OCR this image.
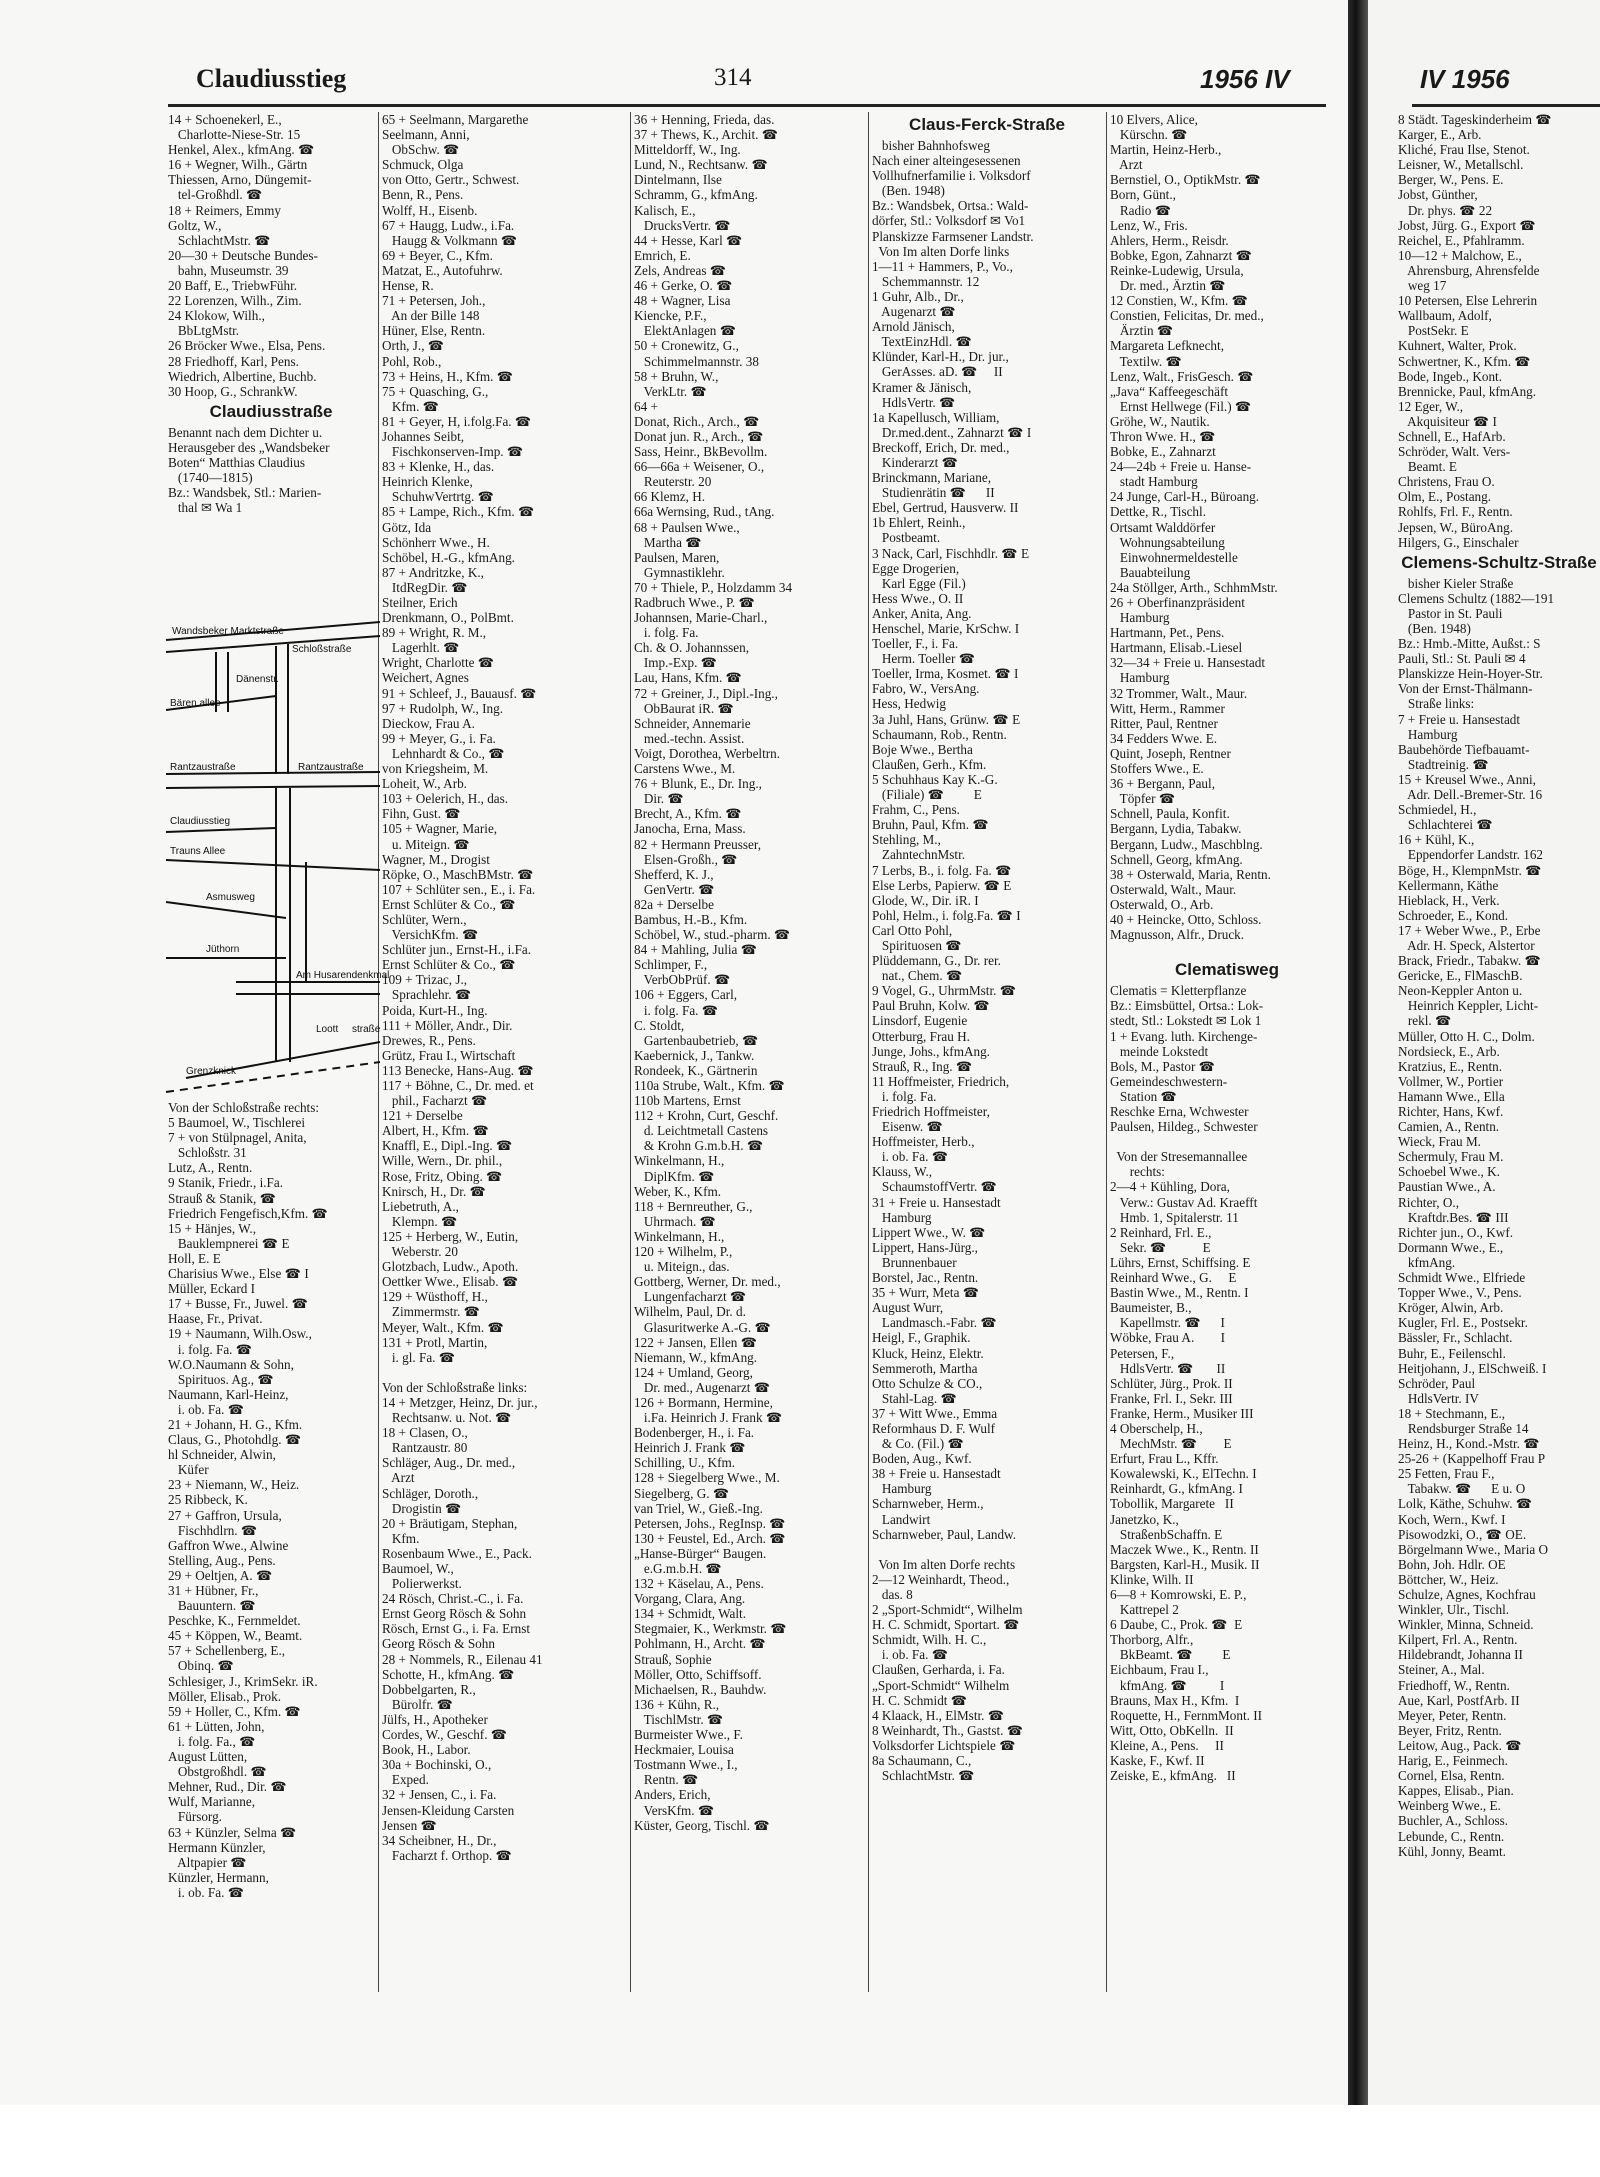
Claudiusstieg	314	1956 IV	IV 1956
14 + Schoenekerl, E.,
Charlotte-Niese-Str. 15
Henkel, Alex., kfmAng. ☎
16 + Wegner, Wilh., Gärtn
Thiessen, Arno, Düngemit-
tel-Großhdl. ☎
18 + Reimers, Emmy
Goltz, W.,
SchlachtMstr. ☎
20—30 + Deutsche Bundes-
bahn, Museumstr. 39
20 Baff, E., TriebwFühr.
22 Lorenzen, Wilh., Zim.
24 Klokow, Wilh.,
BbLtgMstr.
26 Bröcker Wwe., Elsa, Pens.
28 Friedhoff, Karl, Pens.
Wiedrich, Albertine, Buchb.
30 Hoop, G., SchrankW.
Claudiusstraße
Benannt nach dem Dichter u.
Herausgeber des „Wandsbeker
Boten“ Matthias Claudius
(1740—1815)
Bz.: Wandsbek, Stl.: Marien-
thal ✉ Wa 1
Wandsbeker Marktstraße
Schloßstraße
Bären allee
Rantzaustraße	Rantzaustraße
Claudiusstieg
Trauns Allee
Asmusweg
Jüthorn
Am Husarendenkmal
Loott straße
Grenzknick
Dänenstr.
Von der Schloßstraße rechts:
5 Baumoel, W., Tischlerei
7 + von Stülpnagel, Anita,
Schloßstr. 31
Lutz, A., Rentn.
9 Stanik, Friedr., i.Fa.
Strauß & Stanik, ☎
Friedrich Fengefisch,Kfm. ☎
15 + Hänjes, W.,
Bauklempnerei ☎ E
Holl, E. E
Charisius Wwe., Else ☎ I
Müller, Eckard I
17 + Busse, Fr., Juwel. ☎
Haase, Fr., Privat.
19 + Naumann, Wilh.Osw.,
i. folg. Fa. ☎
W.O.Naumann & Sohn,
Spirituos. Ag., ☎
Naumann, Karl-Heinz,
i. ob. Fa. ☎
21 + Johann, H. G., Kfm.
Claus, G., Photohdlg. ☎
hl Schneider, Alwin,
Küfer
23 + Niemann, W., Heiz.
25 Ribbeck, K.
27 + Gaffron, Ursula,
Fischhdlrn. ☎
Gaffron Wwe., Alwine
Stelling, Aug., Pens.
29 + Oeltjen, A. ☎
31 + Hübner, Fr.,
Bauuntern. ☎
Peschke, K., Fernmeldet.
45 + Köppen, W., Beamt.
57 + Schellenberg, E.,
Obinq. ☎
Schlesiger, J., KrimSekr. iR.
Möller, Elisab., Prok.
59 + Holler, C., Kfm. ☎
61 + Lütten, John,
i. folg. Fa., ☎
August Lütten,
Obstgroßhdl. ☎
Mehner, Rud., Dir. ☎
Wulf, Marianne,
Fürsorg.
63 + Künzler, Selma ☎
Hermann Künzler,
Altpapier ☎
Künzler, Hermann,
i. ob. Fa. ☎
65 + Seelmann, Margarethe
Seelmann, Anni,
ObSchw. ☎
Schmuck, Olga
von Otto, Gertr., Schwest.
Benn, R., Pens.
Wolff, H., Eisenb.
67 + Haugg, Ludw., i.Fa.
Haugg & Volkmann ☎
69 + Beyer, C., Kfm.
Matzat, E., Autofuhrw.
Hense, R.
71 + Petersen, Joh.,
An der Bille 148
Hüner, Else, Rentn.
Orth, J., ☎
Pohl, Rob.,
73 + Heins, H., Kfm. ☎
75 + Quasching, G.,
Kfm. ☎
81 + Geyer, H, i.folg.Fa. ☎
Johannes Seibt,
Fischkonserven-Imp. ☎
83 + Klenke, H., das.
Heinrich Klenke,
SchuhwVertrtg. ☎
85 + Lampe, Rich., Kfm. ☎
Götz, Ida
Schönherr Wwe., H.
Schöbel, H.-G., kfmAng.
87 + Andritzke, K.,
ItdRegDir. ☎
Steilner, Erich
Drenkmann, O., PolBmt.
89 + Wright, R. M.,
Lagerhlt. ☎
Wright, Charlotte ☎
Weichert, Agnes
91 + Schleef, J., Bauausf. ☎
97 + Rudolph, W., Ing.
Dieckow, Frau A.
99 + Meyer, G., i. Fa.
Lehnhardt & Co., ☎
von Kriegsheim, M.
Loheit, W., Arb.
103 + Oelerich, H., das.
Fihn, Gust. ☎
105 + Wagner, Marie,
u. Miteign. ☎
Wagner, M., Drogist
Röpke, O., MaschBMstr. ☎
107 + Schlüter sen., E., i. Fa.
Ernst Schlüter & Co., ☎
Schlüter, Wern.,
VersichKfm. ☎
Schlüter jun., Ernst-H., i.Fa.
Ernst Schlüter & Co., ☎
109 + Trizac, J.,
Sprachlehr. ☎
Poida, Kurt-H., Ing.
111 + Möller, Andr., Dir.
Drewes, R., Pens.
Grütz, Frau I., Wirtschaft
113 Benecke, Hans-Aug. ☎
117 + Böhne, C., Dr. med. et
phil., Facharzt ☎
121 + Derselbe
Albert, H., Kfm. ☎
Knaffl, E., Dipl.-Ing. ☎
Wille, Wern., Dr. phil.,
Rose, Fritz, Obing. ☎
Knirsch, H., Dr. ☎
Liebetruth, A.,
Klempn. ☎
125 + Herberg, W., Eutin,
Weberstr. 20
Glotzbach, Ludw., Apoth.
Oettker Wwe., Elisab. ☎
129 + Wüsthoff, H.,
Zimmermstr. ☎
Meyer, Walt., Kfm. ☎
131 + Protl, Martin,
i. gl. Fa. ☎
Von der Schloßstraße links:
14 + Metzger, Heinz, Dr. jur.,
Rechtsanw. u. Not. ☎
18 + Clasen, O.,
Rantzaustr. 80
Schläger, Aug., Dr. med.,
Arzt
Schläger, Doroth.,
Drogistin ☎
20 + Bräutigam, Stephan,
Kfm.
Rosenbaum Wwe., E., Pack.
Baumoel, W.,
Polierwerkst.
24 Rösch, Christ.-C., i. Fa.
Ernst Georg Rösch & Sohn
Rösch, Ernst G., i. Fa. Ernst
Georg Rösch & Sohn
28 + Nommels, R., Eilenau 41
Schotte, H., kfmAng. ☎
Dobbelgarten, R.,
Bürolfr. ☎
Jülfs, H., Apotheker
Cordes, W., Geschf. ☎
Book, H., Labor.
30a + Bochinski, O.,
Exped.
32 + Jensen, C., i. Fa.
Jensen-Kleidung Carsten
Jensen ☎
34 Scheibner, H., Dr.,
Facharzt f. Orthop. ☎
36 + Henning, Frieda, das.
37 + Thews, K., Archit. ☎
Mitteldorff, W., Ing.
Lund, N., Rechtsanw. ☎
Dintelmann, Ilse
Schramm, G., kfmAng.
Kalisch, E.,
DrucksVertr. ☎
44 + Hesse, Karl ☎
Emrich, E.
Zels, Andreas ☎
46 + Gerke, O. ☎
48 + Wagner, Lisa
Kiencke, P.F.,
ElektAnlagen ☎
50 + Cronewitz, G.,
Schimmelmannstr. 38
58 + Bruhn, W.,
VerkLtr. ☎
64 +
Donat, Rich., Arch., ☎
Donat jun. R., Arch., ☎
Sass, Heinr., BkBevollm.
66—66a + Weisener, O.,
Reuterstr. 20
66 Klemz, H.
66a Wernsing, Rud., tAng.
68 + Paulsen Wwe.,
Martha ☎
Paulsen, Maren,
Gymnastiklehr.
70 + Thiele, P., Holzdamm 34
Radbruch Wwe., P. ☎
Johannsen, Marie-Charl.,
i. folg. Fa.
Ch. & O. Johannssen,
Imp.-Exp. ☎
Lau, Hans, Kfm. ☎
72 + Greiner, J., Dipl.-Ing.,
ObBaurat iR. ☎
Schneider, Annemarie
med.-techn. Assist.
Voigt, Dorothea, Werbeltrn.
Carstens Wwe., M.
76 + Blunk, E., Dr. Ing.,
Dir. ☎
Brecht, A., Kfm. ☎
Janocha, Erna, Mass.
82 + Hermann Preusser,
Elsen-Großh., ☎
Shefferd, K. J.,
GenVertr. ☎
82a + Derselbe
Bambus, H.-B., Kfm.
Schöbel, W., stud.-pharm. ☎
84 + Mahling, Julia ☎
Schlimper, F.,
VerbObPrüf. ☎
106 + Eggers, Carl,
i. folg. Fa. ☎
C. Stoldt,
Gartenbaubetrieb, ☎
Kaebernick, J., Tankw.
Rondeek, K., Gärtnerin
110a Strube, Walt., Kfm. ☎
110b Martens, Ernst
112 + Krohn, Curt, Geschf.
d. Leichtmetall Castens
& Krohn G.m.b.H. ☎
Winkelmann, H.,
DiplKfm. ☎
Weber, K., Kfm.
118 + Bernreuther, G.,
Uhrmach. ☎
Winkelmann, H.,
120 + Wilhelm, P.,
u. Miteign., das.
Gottberg, Werner, Dr. med.,
Lungenfacharzt ☎
Wilhelm, Paul, Dr. d.
Glasuritwerke A.-G. ☎
122 + Jansen, Ellen ☎
Niemann, W., kfmAng.
124 + Umland, Georg,
Dr. med., Augenarzt ☎
126 + Bormann, Hermine,
i.Fa. Heinrich J. Frank ☎
Bodenberger, H., i. Fa.
Heinrich J. Frank ☎
Schilling, U., Kfm.
128 + Siegelberg Wwe., M.
Siegelberg, G. ☎
van Triel, W., Gieß.-Ing.
Petersen, Johs., RegInsp. ☎
130 + Feustel, Ed., Arch. ☎
„Hanse-Bürger“ Baugen.
e.G.m.b.H. ☎
132 + Käselau, A., Pens.
Vorgang, Clara, Ang.
134 + Schmidt, Walt.
Stegmaier, K., Werkmstr. ☎
Pohlmann, H., Archt. ☎
Strauß, Sophie
Möller, Otto, Schiffsoff.
Michaelsen, R., Bauhdw.
136 + Kühn, R.,
TischlMstr. ☎
Burmeister Wwe., F.
Heckmaier, Louisa
Tostmann Wwe., I.,
Rentn. ☎
Anders, Erich,
VersKfm. ☎
Küster, Georg, Tischl. ☎
Claus-Ferck-Straße
bisher Bahnhofsweg
Nach einer alteingesessenen
Vollhufnerfamilie i. Volksdorf
(Ben. 1948)
Bz.: Wandsbek, Ortsa.: Wald-
dörfer, Stl.: Volksdorf ✉ Vo1
Planskizze Farmsener Landstr.
Von Im alten Dorfe links
1—11 + Hammers, P., Vo.,
Schemmannstr. 12
1 Guhr, Alb., Dr.,
Augenarzt ☎
Arnold Jänisch,
TextEinzHdl. ☎
Klünder, Karl-H., Dr. jur.,
GerAsses. aD. ☎     II
Kramer & Jänisch,
HdlsVertr. ☎
1a Kapellusch, William,
Dr.med.dent., Zahnarzt ☎ I
Breckoff, Erich, Dr. med.,
Kinderarzt ☎
Brinckmann, Mariane,
Studienrätin ☎      II
Ebel, Gertrud, Hausverw. II
1b Ehlert, Reinh.,
Postbeamt.
3 Nack, Carl, Fischhdlr. ☎ E
Egge Drogerien,
Karl Egge (Fil.)
Hess Wwe., O. II
Anker, Anita, Ang.
Henschel, Marie, KrSchw. I
Toeller, F., i. Fa.
Herm. Toeller ☎
Toeller, Irma, Kosmet. ☎ I
Fabro, W., VersAng.
Hess, Hedwig
3a Juhl, Hans, Grünw. ☎ E
Schaumann, Rob., Rentn.
Boje Wwe., Bertha
Claußen, Gerh., Kfm.
5 Schuhhaus Kay K.-G.
(Filiale) ☎         E
Frahm, C., Pens.
Bruhn, Paul, Kfm. ☎
Stehling, M.,
ZahntechnMstr.
7 Lerbs, B., i. folg. Fa. ☎
Else Lerbs, Papierw. ☎ E
Glode, W., Dir. iR. I
Pohl, Helm., i. folg.Fa. ☎ I
Carl Otto Pohl,
Spirituosen ☎
Plüddemann, G., Dr. rer.
nat., Chem. ☎
9 Vogel, G., UhrmMstr. ☎
Paul Bruhn, Kolw. ☎
Linsdorf, Eugenie
Otterburg, Frau H.
Junge, Johs., kfmAng.
Strauß, R., Ing. ☎
11 Hoffmeister, Friedrich,
i. folg. Fa.
Friedrich Hoffmeister,
Eisenw. ☎
Hoffmeister, Herb.,
i. ob. Fa. ☎
Klauss, W.,
SchaumstoffVertr. ☎
31 + Freie u. Hansestadt
Hamburg
Lippert Wwe., W. ☎
Lippert, Hans-Jürg.,
Brunnenbauer
Borstel, Jac., Rentn.
35 + Wurr, Meta ☎
August Wurr,
Landmasch.-Fabr. ☎
Heigl, F., Graphik.
Kluck, Heinz, Elektr.
Semmeroth, Martha
Otto Schulze & CO.,
Stahl-Lag. ☎
37 + Witt Wwe., Emma
Reformhaus D. F. Wulf
& Co. (Fil.) ☎
Boden, Aug., Kwf.
38 + Freie u. Hansestadt
Hamburg
Scharnweber, Herm.,
Landwirt
Scharnweber, Paul, Landw.
Von Im alten Dorfe rechts
2—12 Weinhardt, Theod.,
das. 8
2 „Sport-Schmidt“, Wilhelm
H. C. Schmidt, Sportart. ☎
Schmidt, Wilh. H. C.,
i. ob. Fa. ☎
Claußen, Gerharda, i. Fa.
„Sport-Schmidt“ Wilhelm
H. C. Schmidt ☎
4 Klaack, H., ElMstr. ☎
8 Weinhardt, Th., Gastst. ☎
Volksdorfer Lichtspiele ☎
8a Schaumann, C.,
SchlachtMstr. ☎
10 Elvers, Alice,
Kürschn. ☎
Martin, Heinz-Herb.,
Arzt
Bernstiel, O., OptikMstr. ☎
Born, Günt.,
Radio ☎
Lenz, W., Fris.
Ahlers, Herm., Reisdr.
Bobke, Egon, Zahnarzt ☎
Reinke-Ludewig, Ursula,
Dr. med., Ärztin ☎
12 Constien, W., Kfm. ☎
Constien, Felicitas, Dr. med.,
Ärztin ☎
Margareta Lefknecht,
Textilw. ☎
Lenz, Walt., FrisGesch. ☎
„Java“ Kaffeegeschäft
Ernst Hellwege (Fil.) ☎
Gröhe, W., Nautik.
Thron Wwe. H., ☎
Bobke, E., Zahnarzt
24—24b + Freie u. Hanse-
stadt Hamburg
24 Junge, Carl-H., Büroang.
Dettke, R., Tischl.
Ortsamt Walddörfer
Wohnungsabteilung
Einwohnermeldestelle
Bauabteilung
24a Stöllger, Arth., SchhmMstr.
26 + Oberfinanzpräsident
Hamburg
Hartmann, Pet., Pens.
Hartmann, Elisab.-Liesel
32—34 + Freie u. Hansestadt
Hamburg
32 Trommer, Walt., Maur.
Witt, Herm., Rammer
Ritter, Paul, Rentner
34 Fedders Wwe. E.
Quint, Joseph, Rentner
Stoffers Wwe., E.
36 + Bergann, Paul,
Töpfer ☎
Schnell, Paula, Konfit.
Bergann, Lydia, Tabakw.
Bergann, Ludw., Maschblng.
Schnell, Georg, kfmAng.
38 + Osterwald, Maria, Rentn.
Osterwald, Walt., Maur.
Osterwald, O., Arb.
40 + Heincke, Otto, Schloss.
Magnusson, Alfr., Druck.
Clematisweg
Clematis = Kletterpflanze
Bz.: Eimsbüttel, Ortsa.: Lok-
stedt, Stl.: Lokstedt ✉ Lok 1
1 + Evang. luth. Kirchenge-
meinde Lokstedt
Bols, M., Pastor ☎
Gemeindeschwestern-
Station ☎
Reschke Erna, Wchwester
Paulsen, Hildeg., Schwester
Von der Stresemannallee
rechts:
2—4 + Kühling, Dora,
Verw.: Gustav Ad. Kraefft
Hmb. 1, Spitalerstr. 11
2 Reinhard, Frl. E.,
Sekr. ☎           E
Lührs, Ernst, Schiffsing. E
Reinhard Wwe., G.     E
Bastin Wwe., M., Rentn. I
Baumeister, B.,
Kapellmstr. ☎      I
Wöbke, Frau A.        I
Petersen, F.,
HdlsVertr. ☎       II
Schlüter, Jürg., Prok. II
Franke, Frl. I., Sekr. III
Franke, Herm., Musiker III
4 Oberschelp, H.,
MechMstr. ☎        E
Erfurt, Frau L., Kffr.
Kowalewski, K., ElTechn. I
Reinhardt, G., kfmAng. I
Tobollik, Margarete   II
Janetzko, K.,
StraßenbSchaffn. E
Maczek Wwe., K., Rentn. II
Bargsten, Karl-H., Musik. II
Klinke, Wilh. II
6—8 + Komrowski, E. P.,
Kattrepel 2
6 Daube, C., Prok. ☎  E
Thorborg, Alfr.,
BkBeamt. ☎         E
Eichbaum, Frau I.,
kfmAng. ☎          I
Brauns, Max H., Kfm.  I
Roquette, H., FernmMont. II
Witt, Otto, ObKelln.  II
Kleine, A., Pens.     II
Kaske, F., Kwf. II
Zeiske, E., kfmAng.   II
8 Städt. Tageskinderheim ☎
Karger, E., Arb.
Kliché, Frau Ilse, Stenot.
Leisner, W., Metallschl.
Berger, W., Pens. E.
Jobst, Günther,
Dr. phys. ☎ 22
Jobst, Jürg. G., Export ☎
Reichel, E., Pfahlramm.
10—12 + Malchow, E.,
Ahrensburg, Ahrensfelde
weg 17
10 Petersen, Else Lehrerin
Wallbaum, Adolf,
PostSekr. E
Kuhnert, Walter, Prok.
Schwertner, K., Kfm. ☎
Bode, Ingeb., Kont.
Brennicke, Paul, kfmAng.
12 Eger, W.,
Akquisiteur ☎ I
Schnell, E., HafArb.
Schröder, Walt. Vers-
Beamt. E
Christens, Frau O.
Olm, E., Postang.
Rohlfs, Frl. F., Rentn.
Jepsen, W., BüroAng.
Hilgers, G., Einschaler
Clemens-Schultz-Straße
bisher Kieler Straße
Clemens Schultz (1882—191
Pastor in St. Pauli
(Ben. 1948)
Bz.: Hmb.-Mitte, Außst.: S
Pauli, Stl.: St. Pauli ✉ 4
Planskizze Hein-Hoyer-Str.
Von der Ernst-Thälmann-
Straße links:
7 + Freie u. Hansestadt
Hamburg
Baubehörde Tiefbauamt-
Stadtreinig. ☎
15 + Kreusel Wwe., Anni,
Adr. Dell.-Bremer-Str. 16
Schmiedel, H.,
Schlachterei ☎
16 + Kühl, K.,
Eppendorfer Landstr. 162
Böge, H., KlempnMstr. ☎
Kellermann, Käthe
Hieblack, H., Verk.
Schroeder, E., Kond.
17 + Weber Wwe., P., Erbe
Adr. H. Speck, Alstertor
Brack, Friedr., Tabakw. ☎
Gericke, E., FlMaschB.
Neon-Keppler Anton u.
Heinrich Keppler, Licht-
rekl. ☎
Müller, Otto H. C., Dolm.
Nordsieck, E., Arb.
Kratzius, E., Rentn.
Vollmer, W., Portier
Hamann Wwe., Ella
Richter, Hans, Kwf.
Camien, A., Rentn.
Wieck, Frau M.
Schermuly, Frau M.
Schoebel Wwe., K.
Paustian Wwe., A.
Richter, O.,
Kraftdr.Bes. ☎ III
Richter jun., O., Kwf.
Dormann Wwe., E.,
kfmAng.
Schmidt Wwe., Elfriede
Topper Wwe., V., Pens.
Kröger, Alwin, Arb.
Kugler, Frl. E., Postsekr.
Bässler, Fr., Schlacht.
Buhr, E., Feilenschl.
Heitjohann, J., ElSchweiß. I
Schröder, Paul
HdlsVertr. IV
18 + Stechmann, E.,
Rendsburger Straße 14
Heinz, H., Kond.-Mstr. ☎
25-26 + (Kappelhoff Frau P
25 Fetten, Frau F.,
Tabakw. ☎      E u. O
Lolk, Käthe, Schuhw. ☎
Koch, Wern., Kwf. I
Pisowodzki, O., ☎ OE.
Börgelmann Wwe., Maria O
Bohn, Joh. Hdlr. OE
Böttcher, W., Heiz.
Schulze, Agnes, Kochfrau
Winkler, Ulr., Tischl.
Winkler, Minna, Schneid.
Kilpert, Frl. A., Rentn.
Hildebrandt, Johanna II
Steiner, A., Mal.
Friedhoff, W., Rentn.
Aue, Karl, PostfArb. II
Meyer, Peter, Rentn.
Beyer, Fritz, Rentn.
Leitow, Aug., Pack. ☎
Harig, E., Feinmech.
Cornel, Elsa, Rentn.
Kappes, Elisab., Pian.
Weinberg Wwe., E.
Buchler, A., Schloss.
Lebunde, C., Rentn.
Kühl, Jonny, Beamt.
